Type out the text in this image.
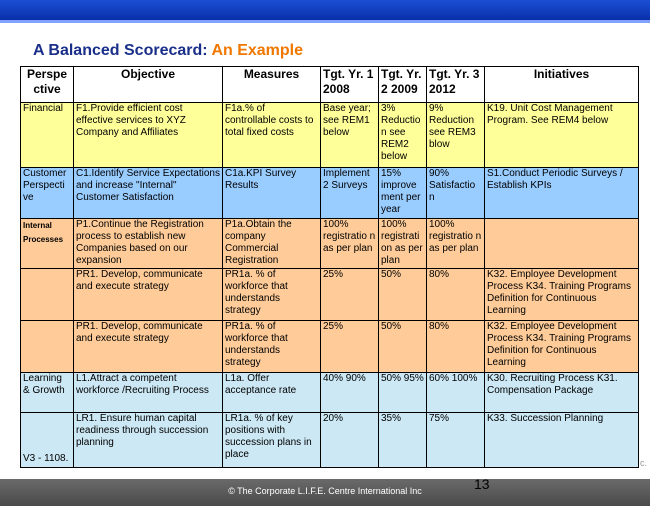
A Balanced Scorecard: An Example
Perspe ctive	Objective	Measures	Tgt. Yr. 1 2008	Tgt. Yr. 2 2009	Tgt. Yr. 3 2012	Initiatives
Financial	F1.Provide efficient cost effective services to XYZ Company and Affiliates	F1a.% of controllable costs to total fixed costs	Base year; see REM1 below	3% Reductio n see REM2 below	9% Reduction see REM3 blow	K19. Unit Cost Management Program. See REM4 below
Customer Perspecti ve	C1.Identify Service Expectations and increase "Internal" Customer Satisfaction	C1a.KPI Survey Results	Implement 2 Surveys	15% improve ment per year	90% Satisfactio n	S1.Conduct Periodic Surveys / Establish KPIs
Internal Processes	P1.Continue the Registration process to establish new Companies based on our expansion	P1a.Obtain the company Commercial Registration	100% registratio n as per plan	100% registrati on as per plan	100% registratio n as per plan	
	PR1. Develop, communicate and execute strategy	PR1a. % of workforce that understands strategy	25%	50%	80%	K32. Employee Development Process K34. Training Programs Definition for Continuous Learning
	PR1. Develop, communicate and execute strategy	PR1a. % of workforce that understands strategy	25%	50%	80%	K32. Employee Development Process K34. Training Programs Definition for Continuous Learning
Learning & Growth	L1.Attract a competent workforce /Recruiting Process	L1a. Offer acceptance rate	40% 90%	50% 95%	60% 100%	K30. Recruiting Process K31. Compensation Package
V3 - 1108.	LR1. Ensure human capital readiness through succession planning	LR1a. % of key positions with succession plans in place	20%	35%	75%	K33. Succession Planning
© The Corporate L.I.F.E. Centre International Inc	13
c.
